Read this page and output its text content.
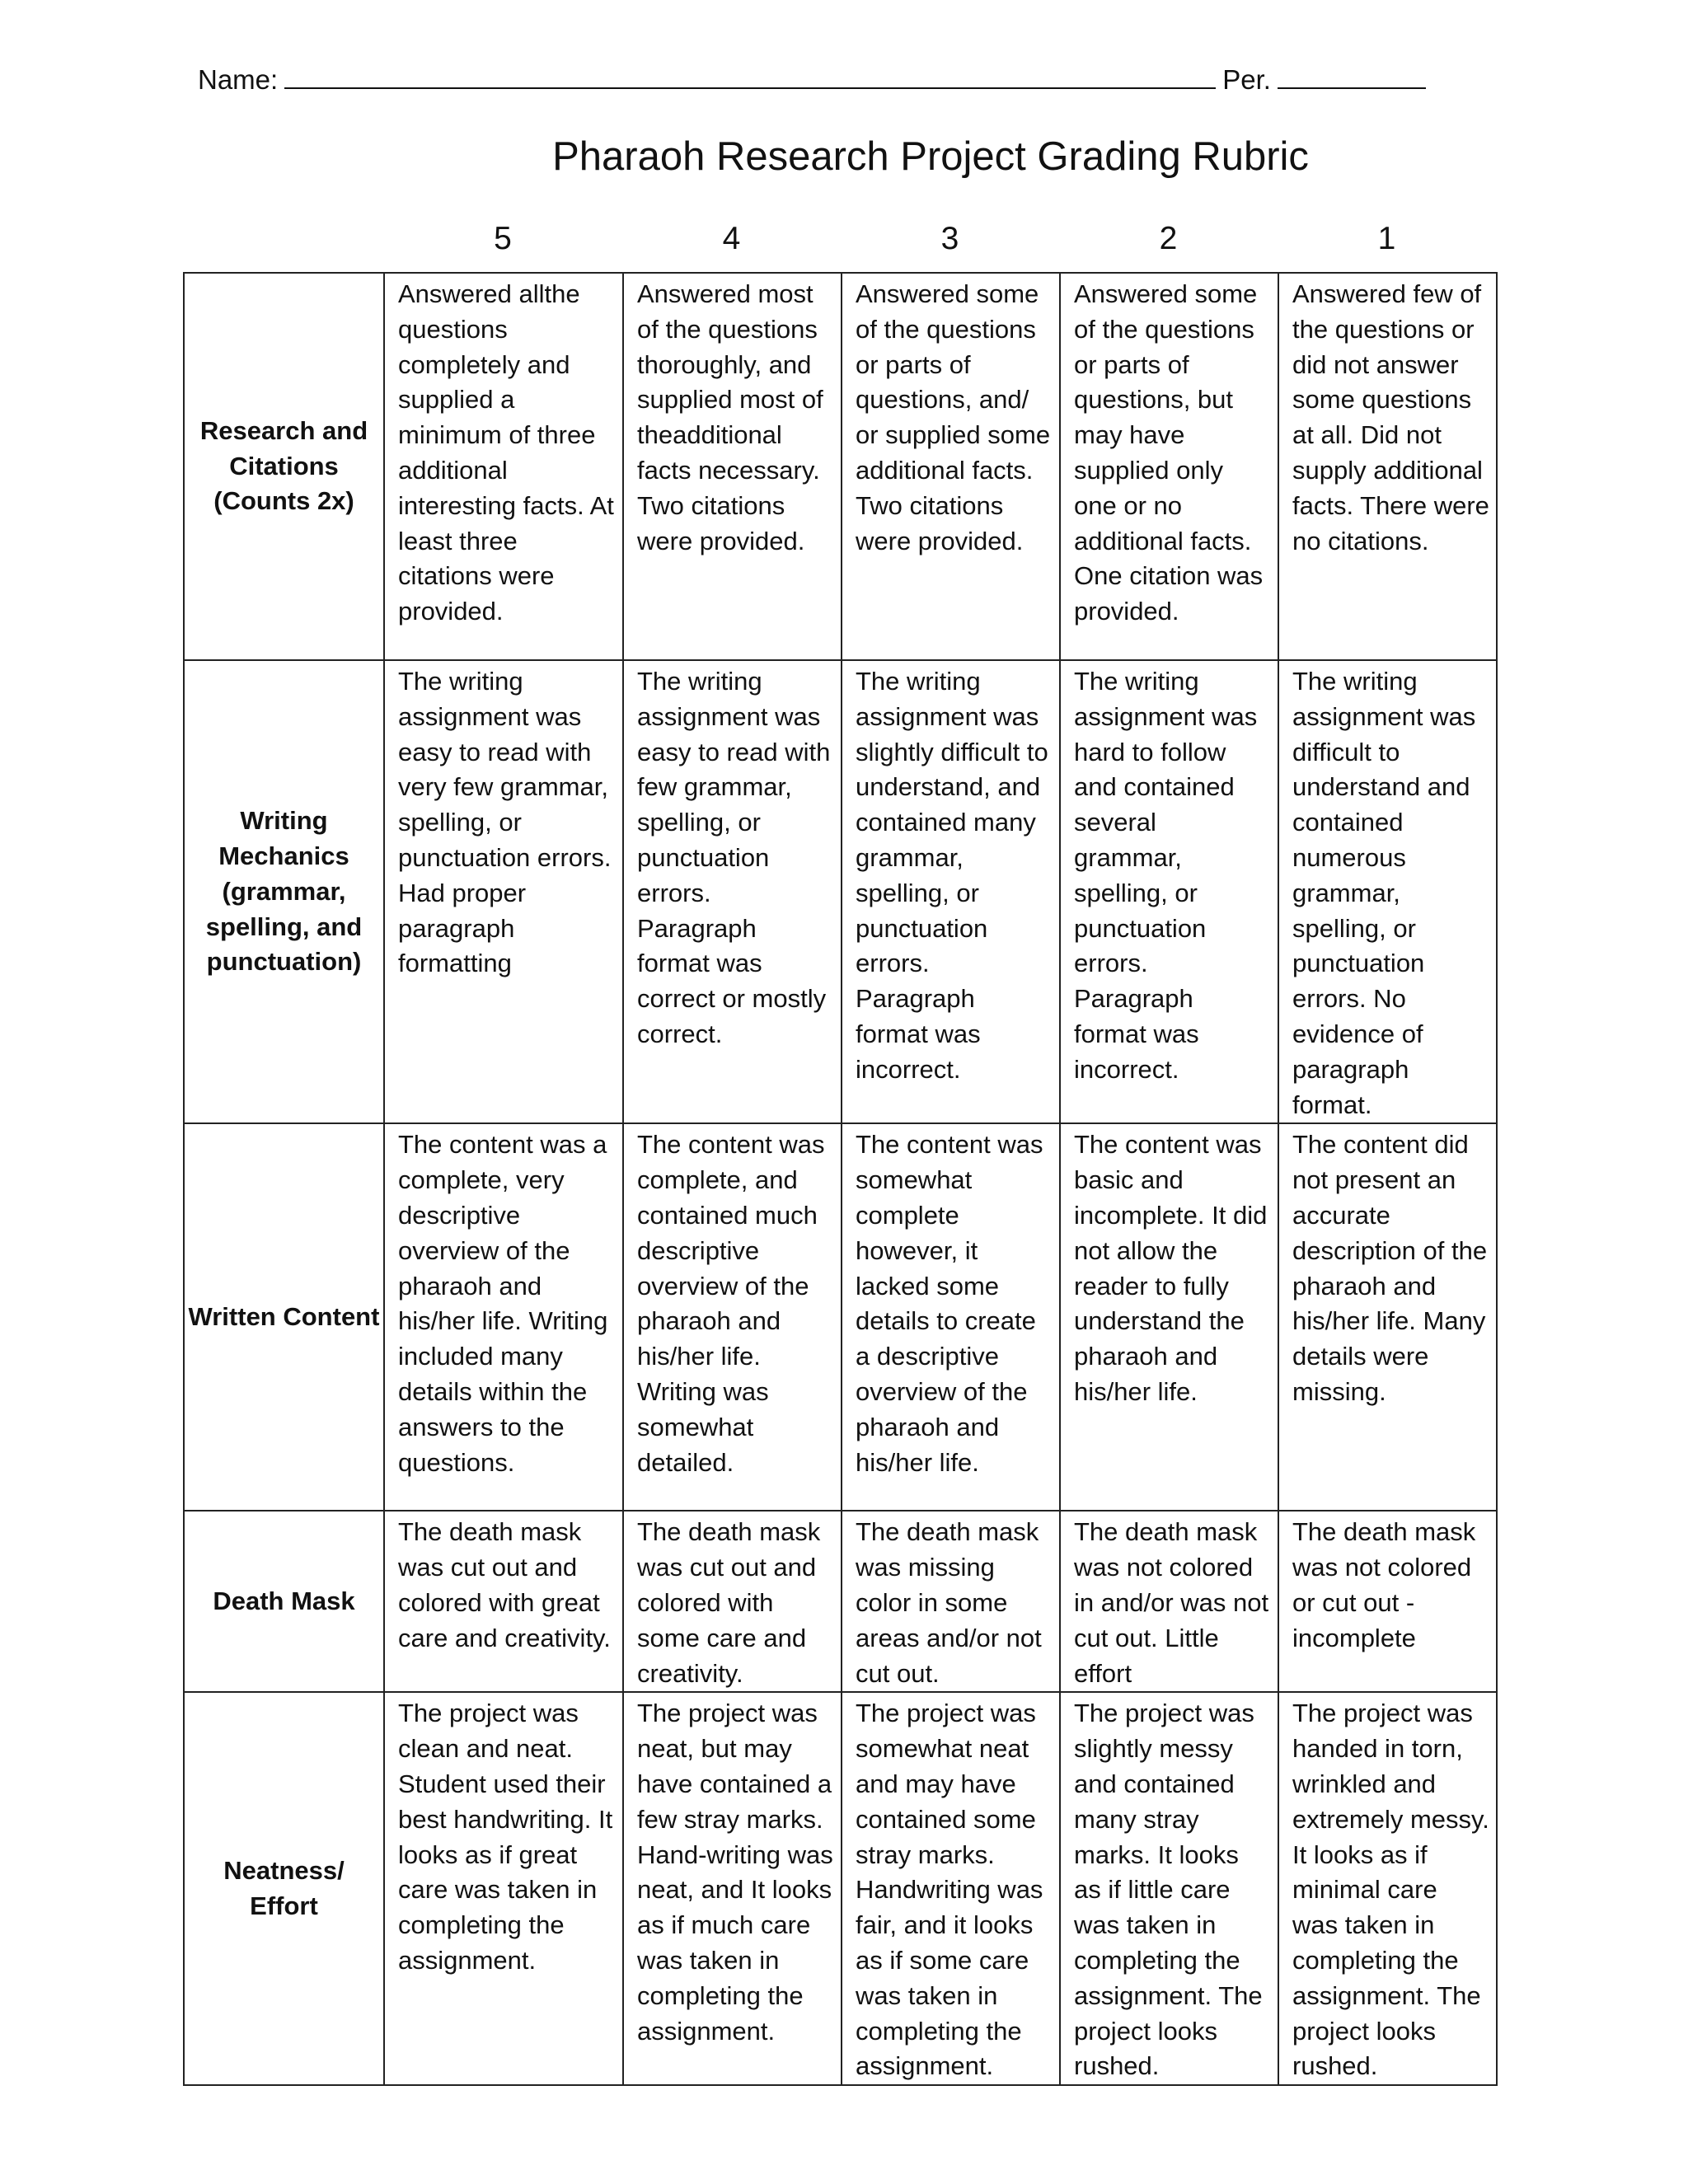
Name:	Per.
Pharaoh Research Project Grading Rubric
5	4	3	2	1
Research and Citations (Counts 2x)	Answered allthe questions completely and supplied a minimum of three additional interesting facts. At least three citations were provided.	Answered most of the questions thoroughly, and supplied most of theadditional facts necessary. Two citations were provided.	Answered some of the questions or parts of questions, and/ or supplied some additional facts. Two citations were provided.	Answered some of the questions or parts of questions, but may have supplied only one or no additional facts. One citation was provided.	Answered few of the questions or did not answer some questions at all. Did not supply additional facts. There were no citations.

Writing Mechanics (grammar, spelling, and punctuation)	The writing assignment was easy to read with very few grammar, spelling, or punctuation errors. Had proper paragraph formatting	The writing assignment was easy to read with few grammar, spelling, or punctuation errors. Paragraph format was correct or mostly correct.	The writing assignment was slightly difficult to understand, and contained many grammar, spelling, or punctuation errors. Paragraph format was incorrect.	The writing assignment was hard to follow and contained several grammar, spelling, or punctuation errors. Paragraph format was incorrect.	The writing assignment was difficult to understand and contained numerous grammar, spelling, or punctuation errors. No evidence of paragraph format.

Written Content	The content was a complete, very descriptive overview of the pharaoh and his/her life. Writing included many details within the answers to the questions.	The content was complete, and contained much descriptive overview of the pharaoh and his/her life. Writing was somewhat detailed.	The content was somewhat complete however, it lacked some details to create a descriptive overview of the pharaoh and his/her life.	The content was basic and incomplete. It did not allow the reader to fully understand the pharaoh and his/her life.	The content did not present an accurate description of the pharaoh and his/her life. Many details were missing.

Death Mask	The death mask was cut out and colored with great care and creativity.	The death mask was cut out and colored with some care and creativity.	The death mask was missing color in some areas and/or not cut out.	The death mask was not colored in and/or was not cut out. Little effort	The death mask was not colored or cut out - incomplete

Neatness/ Effort	The project was clean and neat. Student used their best handwriting. It looks as if great care was taken in completing the assignment.	The project was neat, but may have contained a few stray marks. Hand-writing was neat, and It looks as if much care was taken in completing the assignment.	The project was somewhat neat and may have contained some stray marks. Handwriting was fair, and it looks as if some care was taken in completing the assignment.	The project was slightly messy and contained many stray marks. It looks as if little care was taken in completing the assignment. The project looks rushed.	The project was handed in torn, wrinkled and extremely messy. It looks as if minimal care was taken in completing the assignment. The project looks rushed.
